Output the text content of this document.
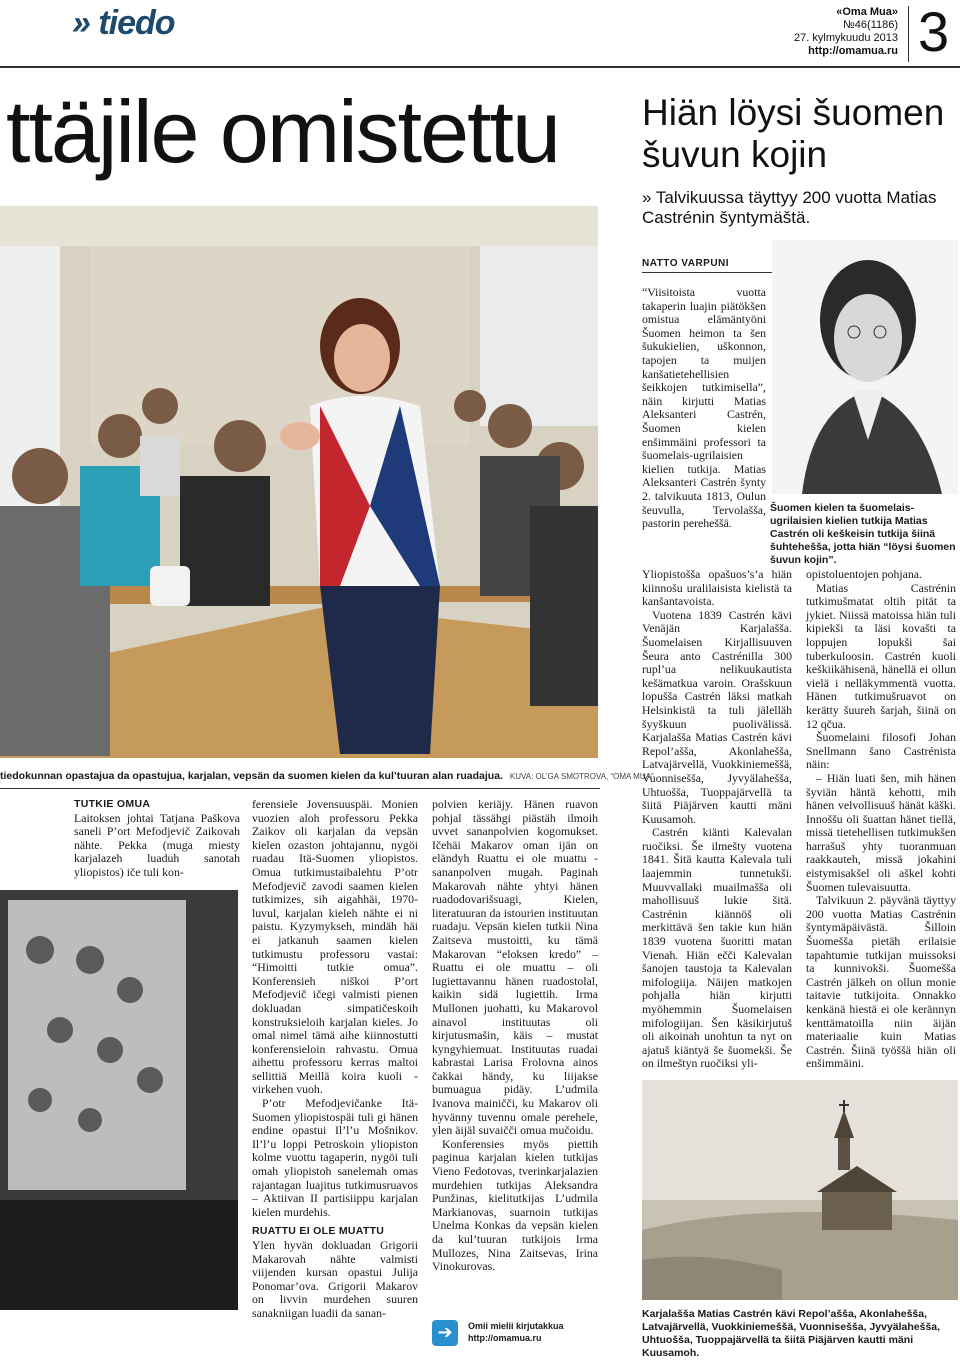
» tiedo	«Oma Mua»
№46(1186)
27. kylmykuudu 2013
http://omamua.ru 3
ttäjile omistettu Hiän löysi šuomen
šuvun kojin
» Talvikuussa täyttyy 200 vuotta Matias Castrénin šyntymäštä.
NATTO VARPUNI
tiedokunnan opastajua da opastujua, karjalan, vepsän da suomen kielen da kul’tuuran alan ruadajua. KUVA: OL’GA SMOTROVA, “OMA MUA”

TUTKIE OMUA

Laitoksen johtai Tatjana Paškova saneli P’ort Mefodjevič Zaikovah nähte. Pekka (muga miesty karjalazeh luaduh sanotah yliopistos) iče tuli kon-

ferensiele Jovensuuspäi. Monien vuozien aloh professoru Pekka Zaikov oli karjalan da vepsän kielen ozaston johtajannu, nygöi ruadau Itä-Suomen yliopistos. Omua tutkimustaibalehtu P’otr Mefodjevič zavodi saamen kielen tutkimizes, sih aigahhäi, 1970-luvul, karjalan kieleh nähte ei ni paistu. Kyzymykseh, mindäh häi ei jatkanuh saamen kielen tutkimustu professoru vastai: “Himoitti tutkie omua”. Konferensieh niškoi P’ort Mefodjevič ičegi valmisti pienen dokluadan simpatičeskoih konstruksieloih karjalan kieles. Jo omal nimel tämä aihe kiinnostutti konferensieloin rahvastu. Omua aihettu professoru kerras maltoi sellittiä Meillä koira kuoli -virkehen vuoh.

P’otr Mefodjevičanke Itä-Suomen yliopistospäi tuli gi hänen endine opastui Il’l’u Mošnikov. Il’l’u loppi Petroskoin yliopiston kolme vuottu tagaperin, nygöi tuli omah yliopistoh sanelemah omas rajantagan luajitus tutkimusruavos – Aktiivan II partisiippu karjalan kielen murdehis.

RUATTU EI OLE MUATTU

Ylen hyvän dokluadan Grigorii Makarovah nähte valmisti viijenden kursan opastui Julija Ponomar’ova. Grigorii Makarov on livvin murdehen suuren sanakniigan luadii da sanan-

polvien keriäjy. Hänen ruavon pohjal tässähgi piästäh ilmoih uvvet sananpolvien kogomukset. Ičehäi Makarov oman ijän on eländyh Ruattu ei ole muattu -sananpolven mugah. Paginah Makarovah nähte yhtyi hänen ruadodovarišsuagi, Kielen, literatuuran da istourien instituutan ruadaju. Vepsän kielen tutkii Nina Zaitseva mustoitti, ku tämä Makarovan “eloksen kredo” – Ruattu ei ole muattu – oli lugiettavannu hänen ruadostolal, kaikin sidä lugiettih. Irma Mullonen juohatti, ku Makarovol ainavol instituutas oli kirjutusmašin, käis – mustat kyngyhiemuat. Instituutas ruadai kabrastai Larisa Frolovna ainos čakkai händy, ku liijakse bumuagua pidäy. L’udmila Ivanova mainičči, ku Makarov oli hyvänny tuvennu omale perehele, ylen äijäl suvaičči omua mučoidu.

Konferensies myös piettih paginua karjalan kielen tutkijas Vieno Fedotovas, tverinkarjalazien murdehien tutkijas Aleksandra Punžinas, kielitutkijas L’udmila Markianovas, suarnoin tutkijas Unelma Konkas da vepsän kielen da kul’tuuran tutkijois Irma Mullozes, Nina Zaitsevas, Irina Vinokurovas.

➔	Omii mielii kirjutakkua
http://omamua.ru

“Viisitoista vuotta takaperin luajin piätökšen omistua elämäntyöni Šuomen heimon ta šen šukukielien, uškonnon, tapojen ta muijen kanšatietehellisien šeikkojen tutkimisella”, näin kirjutti Matias Aleksanteri Castrén, Šuomen kielen enšimmäini professori ta šuomelais-ugrilaisien kielien tutkija. Matias Aleksanteri Castrén šynty 2. talvikuuta 1813, Oulun šeuvulla, Tervolašša, pastorin pereheššä.

Šuomen kielen ta šuomelais-ugrilaisien kielien tutkija Matias Castrén oli keškeisin tutkija šiinä šuhtehešša, jotta hiän “löysi šuomen šuvun kojin”.

Yliopistošša opašuos’s’a hiän kiinnošu uralilaisista kielistä ta kanšantavoista.

Vuotena 1839 Castrén kävi Venäjän Karjalašša. Šuomelaisen Kirjallisuuven Šeura anto Castrénilla 300 rupl’ua nelikuukautista kešämatkua varoin. Orašskuun lopušša Castrén läksi matkah Helsinkistä ta tuli jälelläh šyyškuun puolivälissä. Karjalašša Matias Castrén kävi Repol’ašša, Akonlahešša, Latvajärvellä, Vuokkiniemeššä, Vuonnisešša, Jyvyälahešša, Uhtuošša, Tuoppajärvellä ta šiitä Piäjärven kautti mäni Kuusamoh.

Castrén kiänti Kalevalan ruočiksi. Še ilmešty vuotena 1841. Šitä kautta Kalevala tuli laajemmin tunnetukši. Muuvvallaki muailmašša oli mahollisuuš lukie šitä. Castrénin kiännöš oli merkittävä šen takie kun hiän 1839 vuotena šuoritti matan Vienah. Hiän ečči Kalevalan šanojen taustoja ta Kalevalan mifologiija. Näijen matkojen pohjalla hiän kirjutti myöhemmin Šuomelaisen mifologiijan. Šen käsikirjutuš oli aikoinah unohtun ta nyt on ajatuš kiäntyä še šuomekši. Še on ilmeštyn ruočiksi yli-

opistoluentojen pohjana.

Matias Castrénin tutkimušmatat oltih pität ta jykiet. Niissä matoissa hiän tuli kipiekši ta läsi kovašti ta loppujen lopukši šai tuberkuloosin. Castrén kuoli keškiikähisenä, hänellä ei ollun vielä i nelläkymmentä vuotta. Hänen tutkimušruavot on kerätty šuureh šarjah, šiinä on 12 qčua.

Šuomelaini filosofi Johan Snellmann šano Castrénista näin:

– Hiän luati šen, mih hänen šyviän häntä kehotti, mih hänen velvollisuuš hänät käški. Innoššu oli šuattan hänet tiellä, missä tietehellisen tutkimukšen harrašuš yhty tuoranmuan raakkauteh, missä jokahini eistymisakšel oli aškel kohti Šuomen tulevaisuutta.

Talvikuun 2. päyvänä täyttyy 200 vuotta Matias Castrénin šyntymäpäivästä. Šilloin Šuomešša pietäh erilaisie tapahtumie tutkijan muissoksi ta kunnivokši. Šuomešša Castrén jälkeh on ollun monie taitavie tutkijoita. Onnakko kenkänä hiestä ei ole kerännyn kenttämatoilla niin äijän materiaalie kuin Matias Castrén. Šiinä työššä hiän oli enšimmäini.

Karjalašša Matias Castrén kävi Repol’ašša, Akonlahešša, Latvajärvellä, Vuokkiniemeššä, Vuonnisešša, Jyvyälahešša, Uhtuošša, Tuoppajärvellä ta šiitä Piäjärven kautti mäni Kuusamoh.
